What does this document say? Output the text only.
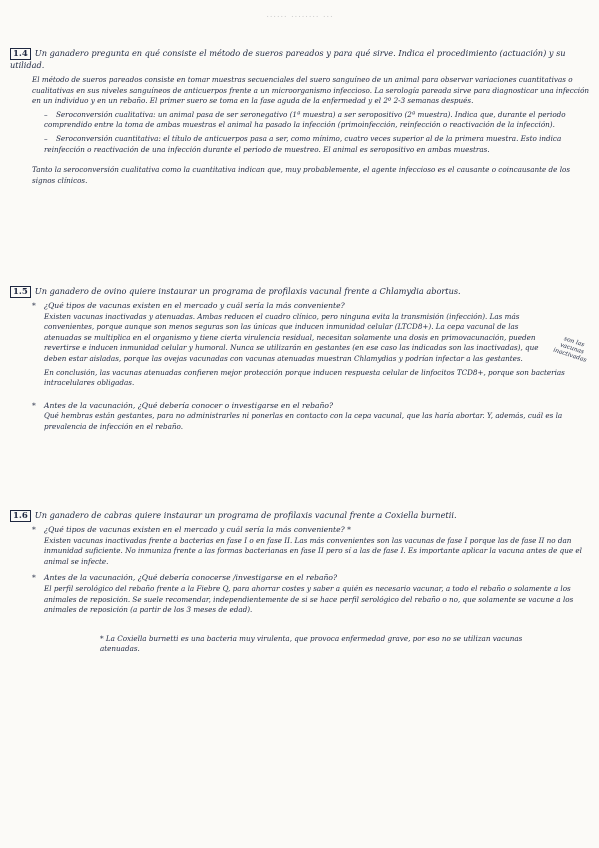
...... ........ ...
1.4 Un ganadero pregunta en qué consiste el método de sueros pareados y para qué sirve. Indica el procedimiento (actuación) y su utilidad.

El método de sueros pareados consiste en tomar muestras secuenciales del suero sanguíneo de un animal para observar variaciones cuantitativas o cualitativas en sus niveles sanguíneos de anticuerpos frente a un microorganismo infeccioso. La serología pareada sirve para diagnosticar una infección en un individuo y en un rebaño. El primer suero se toma en la fase aguda de la enfermedad y el 2º 2-3 semanas después.

– Seroconversión cualitativa: un animal pasa de ser seronegativo (1ª muestra) a ser seropositivo (2ª muestra). Indica que, durante el periodo comprendido entre la toma de ambas muestras el animal ha pasado la infección (primoinfección, reinfección o reactivación de la infección).

– Seroconversión cuantitativa: el título de anticuerpos pasa a ser, como mínimo, cuatro veces superior al de la primera muestra. Esto indica reinfección o reactivación de una infección durante el periodo de muestreo. El animal es seropositivo en ambas muestras.

Tanto la seroconversión cualitativa como la cuantitativa indican que, muy probablemente, el agente infeccioso es el causante o coincausante de los signos clínicos.

1.5 Un ganadero de ovino quiere instaurar un programa de profilaxis vacunal frente a Chlamydia abortus.

* ¿Qué tipos de vacunas existen en el mercado y cuál sería la más conveniente?

Existen vacunas inactivadas y atenuadas. Ambas reducen el cuadro clínico, pero ninguna evita la transmisión (infección). Las más convenientes, porque aunque son menos seguras son las únicas que inducen inmunidad celular (LTCD8+). La cepa vacunal de las atenuadas se multiplica en el organismo y tiene cierta virulencia residual, necesitan solamente una dosis en primovacunación, pueden revertirse e inducen inmunidad celular y humoral. Nunca se utilizarán en gestantes (en ese caso las indicadas son las inactivadas), que deben estar aisladas, porque las ovejas vacunadas con vacunas atenuadas muestran Chlamydias y podrían infectar a las gestantes.

En conclusión, las vacunas atenuadas confieren mejor protección porque inducen respuesta celular de linfocitos TCD8+, porque son bacterias intracelulares obligadas.

* Antes de la vacunación, ¿Qué debería conocer o investigarse en el rebaño?

Qué hembras están gestantes, para no administrarles ni ponerlas en contacto con la cepa vacunal, que las haría abortar. Y, además, cuál es la prevalencia de infección en el rebaño.

son las vacunas inactivadas
1.6 Un ganadero de cabras quiere instaurar un programa de profilaxis vacunal frente a Coxiella burnetii.

* ¿Qué tipos de vacunas existen en el mercado y cuál sería la más conveniente? *

Existen vacunas inactivadas frente a bacterias en fase I o en fase II. Las más convenientes son las vacunas de fase I porque las de fase II no dan inmunidad suficiente. No inmuniza frente a las formas bacterianas en fase II pero sí a las de fase I. Es importante aplicar la vacuna antes de que el animal se infecte.

* Antes de la vacunación, ¿Qué debería conocerse /investigarse en el rebaño?

El perfil serológico del rebaño frente a la Fiebre Q, para ahorrar costes y saber a quién es necesario vacunar, a todo el rebaño o solamente a los animales de reposición. Se suele recomendar, independientemente de si se hace perfil serológico del rebaño o no, que solamente se vacune a los animales de reposición (a partir de los 3 meses de edad).

* La Coxiella burnetti es una bacteria muy virulenta, que provoca enfermedad grave, por eso no se utilizan vacunas atenuadas.
